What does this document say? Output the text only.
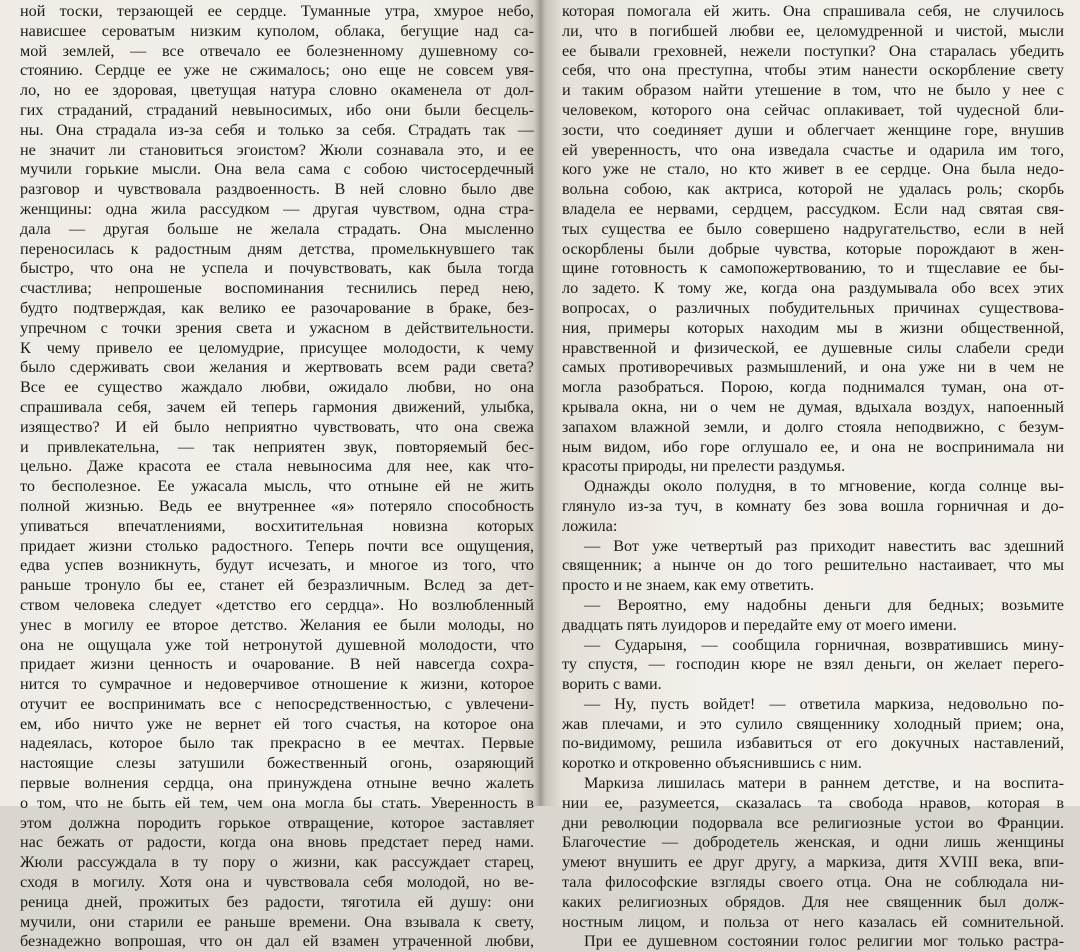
ной тоски, терзающей ее сердце. Туманные утра, хмурое небо,
нависшее сероватым низким куполом, облака, бегущие над са-
мой землей, — все отвечало ее болезненному душевному со-
стоянию. Сердце ее уже не сжималось; оно еще не совсем увя-
ло, но ее здоровая, цветущая натура словно окаменела от дол-
гих страданий, страданий невыносимых, ибо они были бесцель-
ны. Она страдала из-за себя и только за себя. Страдать так —
не значит ли становиться эгоистом? Жюли сознавала это, и ее
мучили горькие мысли. Она вела сама с собою чистосердечный
разговор и чувствовала раздвоенность. В ней словно было две
женщины: одна жила рассудком — другая чувством, одна стра-
дала — другая больше не желала страдать. Она мысленно
переносилась к радостным дням детства, промелькнувшего так
быстро, что она не успела и почувствовать, как была тогда
счастлива; непрошеные воспоминания теснились перед нею,
будто подтверждая, как велико ее разочарование в браке, без-
упречном с точки зрения света и ужасном в действительности.
К чему привело ее целомудрие, присущее молодости, к чему
было сдерживать свои желания и жертвовать всем ради света?
Все ее существо жаждало любви, ожидало любви, но она
спрашивала себя, зачем ей теперь гармония движений, улыбка,
изящество? И ей было неприятно чувствовать, что она свежа
и привлекательна, — так неприятен звук, повторяемый бес-
цельно. Даже красота ее стала невыносима для нее, как что-
то бесполезное. Ее ужасала мысль, что отныне ей не жить
полной жизнью. Ведь ее внутреннее «я» потеряло способность
упиваться впечатлениями, восхитительная новизна которых
придает жизни столько радостного. Теперь почти все ощущения,
едва успев возникнуть, будут исчезать, и многое из того, что
раньше тронуло бы ее, станет ей безразличным. Вслед за дет-
ством человека следует «детство его сердца». Но возлюбленный
унес в могилу ее второе детство. Желания ее были молоды, но
она не ощущала уже той нетронутой душевной молодости, что
придает жизни ценность и очарование. В ней навсегда сохра-
нится то сумрачное и недоверчивое отношение к жизни, которое
отучит ее воспринимать все с непосредственностью, с увлечени-
ем, ибо ничто уже не вернет ей того счастья, на которое она
надеялась, которое было так прекрасно в ее мечтах. Первые
настоящие слезы затушили божественный огонь, озаряющий
первые волнения сердца, она принуждена отныне вечно жалеть
о том, что не быть ей тем, чем она могла бы стать. Уверенность в
этом должна породить горькое отвращение, которое заставляет
нас бежать от радости, когда она вновь предстает перед нами.
Жюли рассуждала в ту пору о жизни, как рассуждает старец,
сходя в могилу. Хотя она и чувствовала себя молодой, но ве-
реница дней, прожитых без радости, тяготила ей душу: они
мучили, они старили ее раньше времени. Она взывала к свету,
безнадежно вопрошая, что он дал ей взамен утраченной любви,
которая помогала ей жить. Она спрашивала себя, не случилось
ли, что в погибшей любви ее, целомудренной и чистой, мысли
ее бывали греховней, нежели поступки? Она старалась убедить
себя, что она преступна, чтобы этим нанести оскорбление свету
и таким образом найти утешение в том, что не было у нее с
человеком, которого она сейчас оплакивает, той чудесной бли-
зости, что соединяет души и облегчает женщине горе, внушив
ей уверенность, что она изведала счастье и одарила им того,
кого уже не стало, но кто живет в ее сердце. Она была недо-
вольна собою, как актриса, которой не удалась роль; скорбь
владела ее нервами, сердцем, рассудком. Если над святая свя-
тых существа ее было совершено надругательство, если в ней
оскорблены были добрые чувства, которые порождают в жен-
щине готовность к самопожертвованию, то и тщеславие ее бы-
ло задето. К тому же, когда она раздумывала обо всех этих
вопросах, о различных побудительных причинах существова-
ния, примеры которых находим мы в жизни общественной,
нравственной и физической, ее душевные силы слабели среди
самых противоречивых размышлений, и она уже ни в чем не
могла разобраться. Порою, когда поднимался туман, она от-
крывала окна, ни о чем не думая, вдыхала воздух, напоенный
запахом влажной земли, и долго стояла неподвижно, с безум-
ным видом, ибо горе оглушало ее, и она не воспринимала ни
красоты природы, ни прелести раздумья.
Однажды около полудня, в то мгновение, когда солнце вы-
глянуло из-за туч, в комнату без зова вошла горничная и до-
ложила:
— Вот уже четвертый раз приходит навестить вас здешний
священник; а нынче он до того решительно настаивает, что мы
просто и не знаем, как ему ответить.
— Вероятно, ему надобны деньги для бедных; возьмите
двадцать пять луидоров и передайте ему от моего имени.
— Сударыня, — сообщила горничная, возвратившись мину-
ту спустя, — господин кюре не взял деньги, он желает перего-
ворить с вами.
— Ну, пусть войдет! — ответила маркиза, недовольно по-
жав плечами, и это сулило священнику холодный прием; она,
по-видимому, решила избавиться от его докучных наставлений,
коротко и откровенно объяснившись с ним.
Маркиза лишилась матери в раннем детстве, и на воспита-
нии ее, разумеется, сказалась та свобода нравов, которая в
дни революции подорвала все религиозные устои во Франции.
Благочестие — добродетель женская, и одни лишь женщины
умеют внушить ее друг другу, а маркиза, дитя XVIII века, впи-
тала философские взгляды своего отца. Она не соблюдала ни-
каких религиозных обрядов. Для нее священник был долж-
ностным лицом, и польза от него казалась ей сомнительной.
При ее душевном состоянии голос религии мог только растра-
